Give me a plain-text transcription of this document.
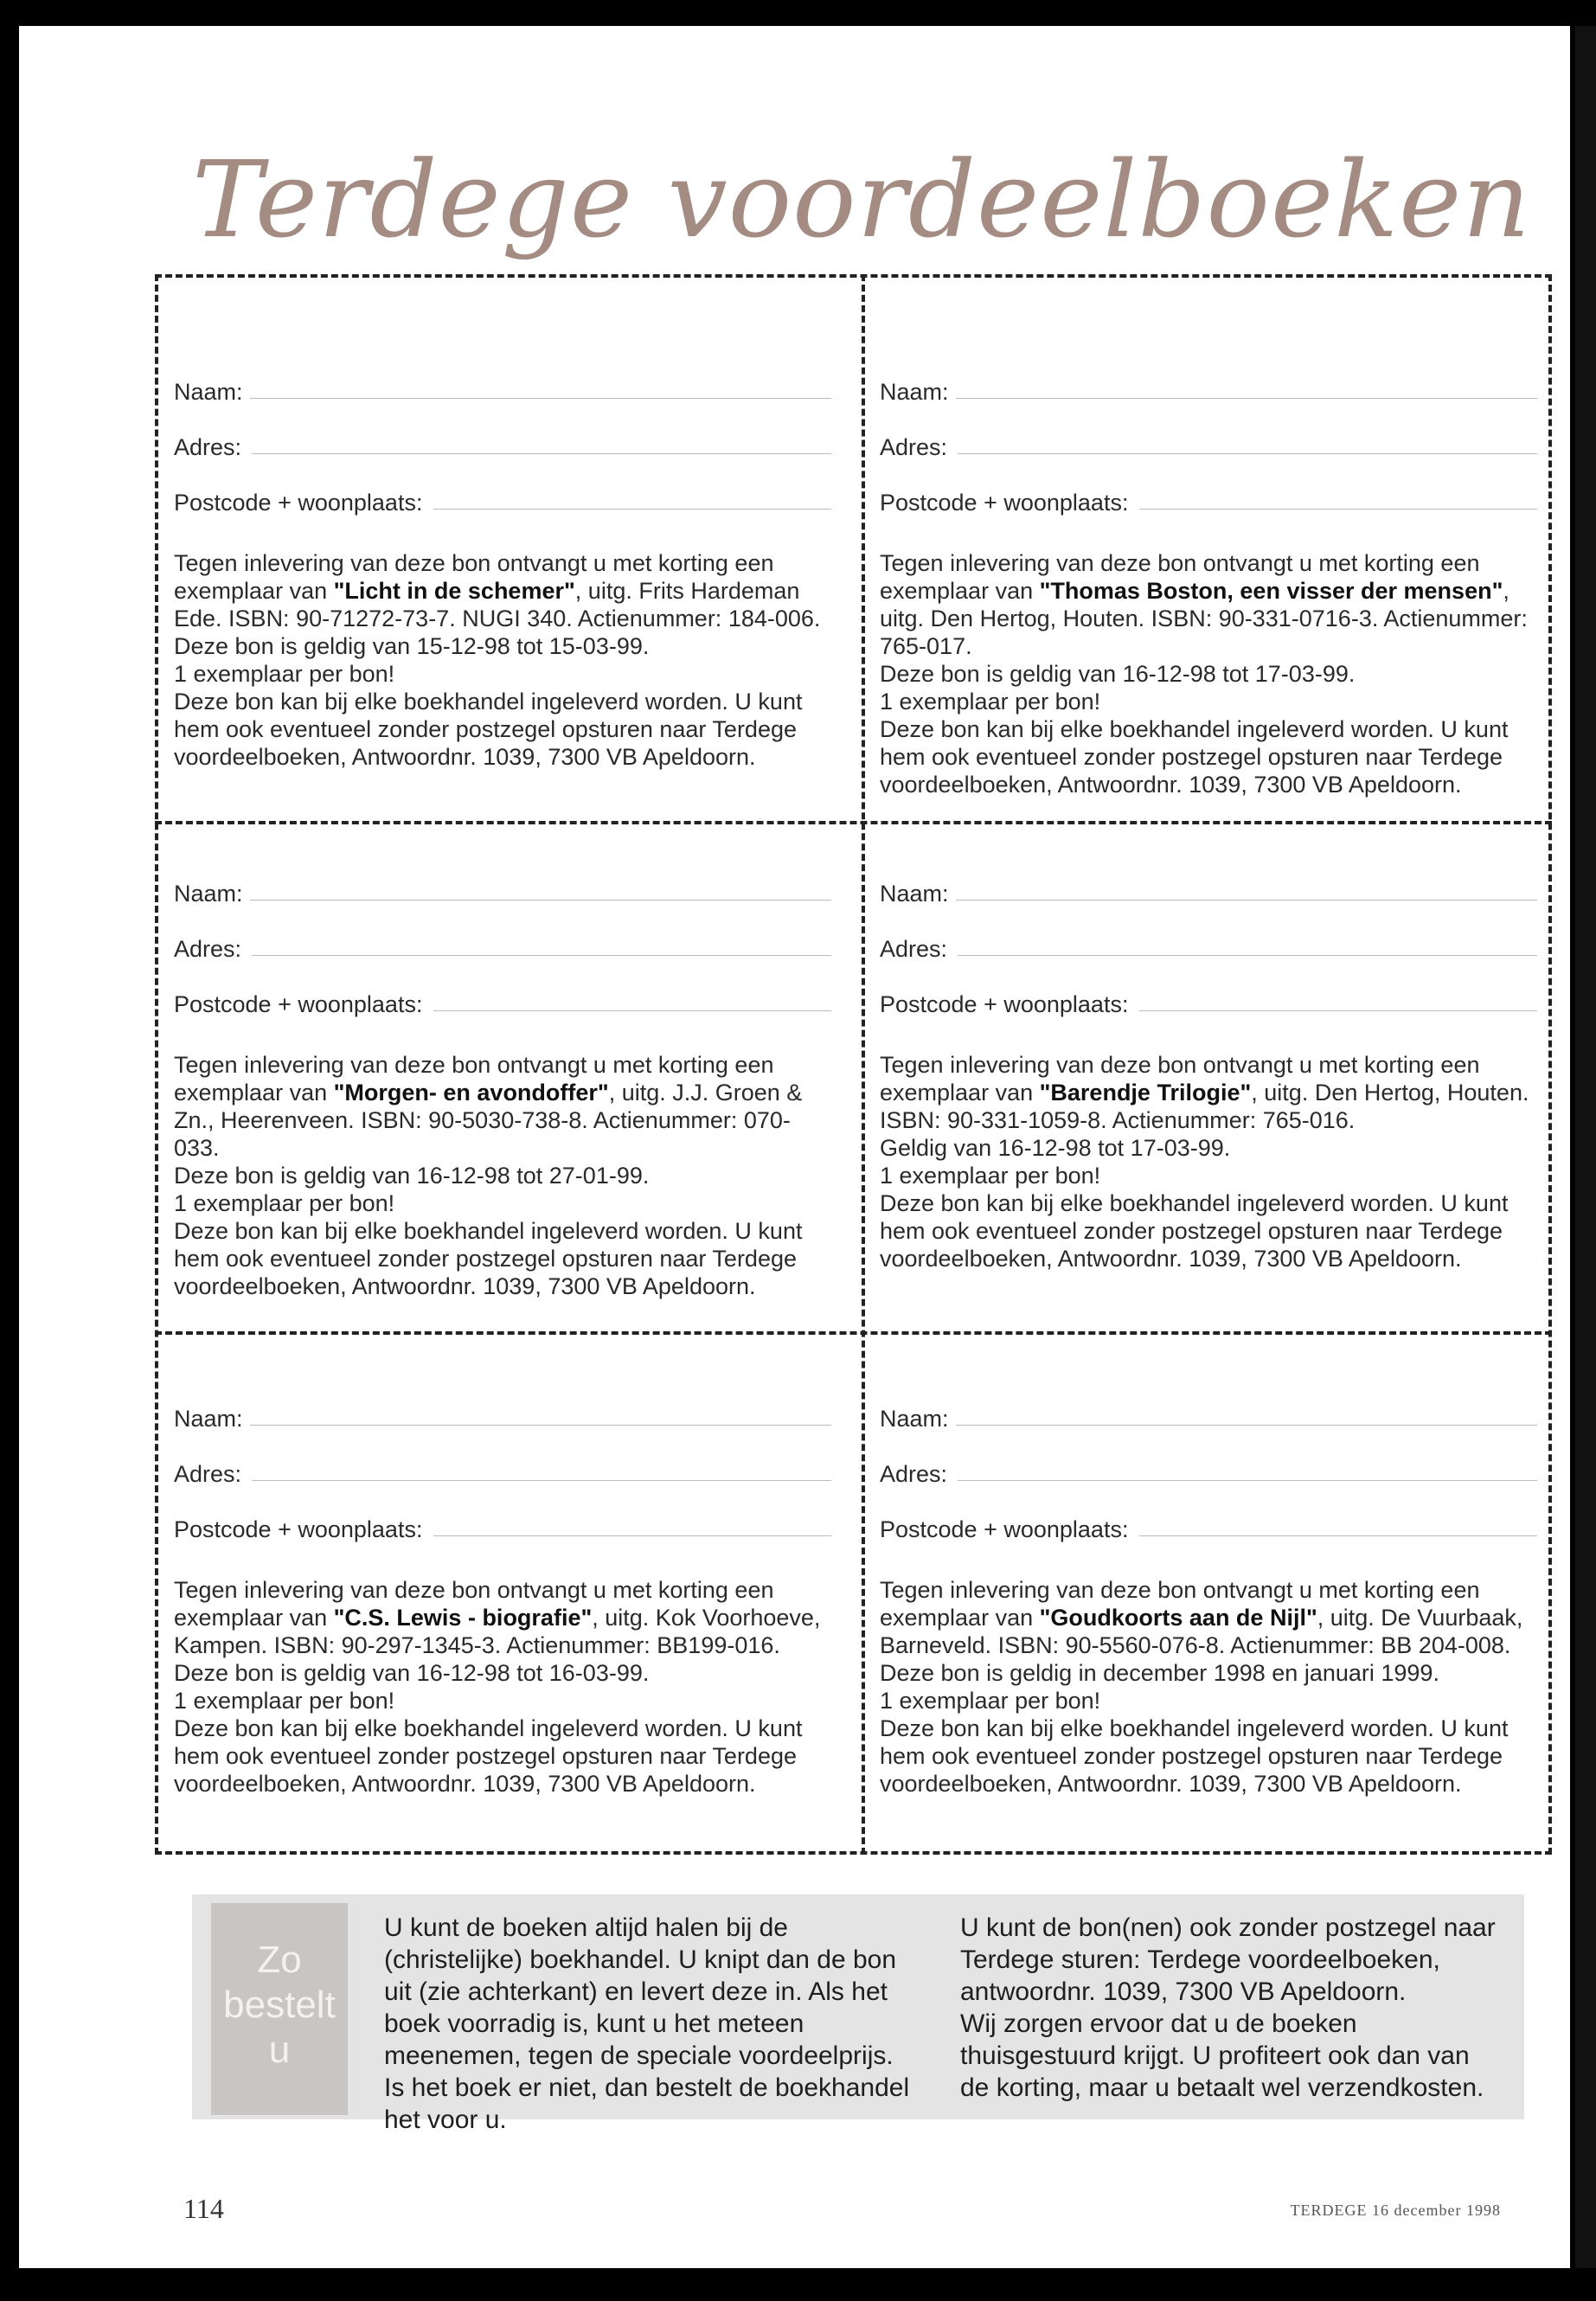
Terdege voordeelboeken
Naam:
Adres:
Postcode + woonplaats:

Tegen inlevering van deze bon ontvangt u met korting een exemplaar van "Licht in de schemer", uitg. Frits Hardeman Ede. ISBN: 90-71272-73-7. NUGI 340. Actienummer: 184-006.

Deze bon is geldig van 15-12-98 tot 15-03-99.

1 exemplaar per bon!

Deze bon kan bij elke boekhandel ingeleverd worden. U kunt hem ook eventueel zonder postzegel opsturen naar Terdege voordeelboeken, Antwoordnr. 1039, 7300 VB Apeldoorn.

Naam:
Adres:
Postcode + woonplaats:

Tegen inlevering van deze bon ontvangt u met korting een exemplaar van "Thomas Boston, een visser der mensen", uitg. Den Hertog, Houten. ISBN: 90-331-0716-3. Actienummer: 765-017.

Deze bon is geldig van 16-12-98 tot 17-03-99.

1 exemplaar per bon!

Deze bon kan bij elke boekhandel ingeleverd worden. U kunt hem ook eventueel zonder postzegel opsturen naar Terdege voordeelboeken, Antwoordnr. 1039, 7300 VB Apeldoorn.

Naam:
Adres:
Postcode + woonplaats:

Tegen inlevering van deze bon ontvangt u met korting een exemplaar van "Morgen- en avondoffer", uitg. J.J. Groen & Zn., Heerenveen. ISBN: 90-5030-738-8. Actienummer: 070-033.

Deze bon is geldig van 16-12-98 tot 27-01-99.

1 exemplaar per bon!

Deze bon kan bij elke boekhandel ingeleverd worden. U kunt hem ook eventueel zonder postzegel opsturen naar Terdege voordeelboeken, Antwoordnr. 1039, 7300 VB Apeldoorn.

Naam:
Adres:
Postcode + woonplaats:

Tegen inlevering van deze bon ontvangt u met korting een exemplaar van "Barendje Trilogie", uitg. Den Hertog, Houten. ISBN: 90-331-1059-8. Actienummer: 765-016.

Geldig van 16-12-98 tot 17-03-99.

1 exemplaar per bon!

Deze bon kan bij elke boekhandel ingeleverd worden. U kunt hem ook eventueel zonder postzegel opsturen naar Terdege voordeelboeken, Antwoordnr. 1039, 7300 VB Apeldoorn.

Naam:
Adres:
Postcode + woonplaats:

Tegen inlevering van deze bon ontvangt u met korting een exemplaar van "C.S. Lewis - biografie", uitg. Kok Voorhoeve, Kampen. ISBN: 90-297-1345-3. Actienummer: BB199-016.

Deze bon is geldig van 16-12-98 tot 16-03-99.

1 exemplaar per bon!

Deze bon kan bij elke boekhandel ingeleverd worden. U kunt hem ook eventueel zonder postzegel opsturen naar Terdege voordeelboeken, Antwoordnr. 1039, 7300 VB Apeldoorn.

Naam:
Adres:
Postcode + woonplaats:

Tegen inlevering van deze bon ontvangt u met korting een exemplaar van "Goudkoorts aan de Nijl", uitg. De Vuurbaak, Barneveld. ISBN: 90-5560-076-8. Actienummer: BB 204-008.

Deze bon is geldig in december 1998 en januari 1999.

1 exemplaar per bon!

Deze bon kan bij elke boekhandel ingeleverd worden. U kunt hem ook eventueel zonder postzegel opsturen naar Terdege voordeelboeken, Antwoordnr. 1039, 7300 VB Apeldoorn.

Zo
bestelt
u
U kunt de boeken altijd halen bij de (christelijke) boekhandel. U knipt dan de bon uit (zie achterkant) en levert deze in. Als het boek voorradig is, kunt u het meteen meenemen, tegen de speciale voordeelprijs. Is het boek er niet, dan bestelt de boekhandel het voor u.
U kunt de bon(nen) ook zonder postzegel naar Terdege sturen: Terdege voordeelboeken, antwoordnr. 1039, 7300 VB Apeldoorn.
Wij zorgen ervoor dat u de boeken thuisgestuurd krijgt. U profiteert ook dan van de korting, maar u betaalt wel verzendkosten.
114	TERDEGE 16 december 1998
